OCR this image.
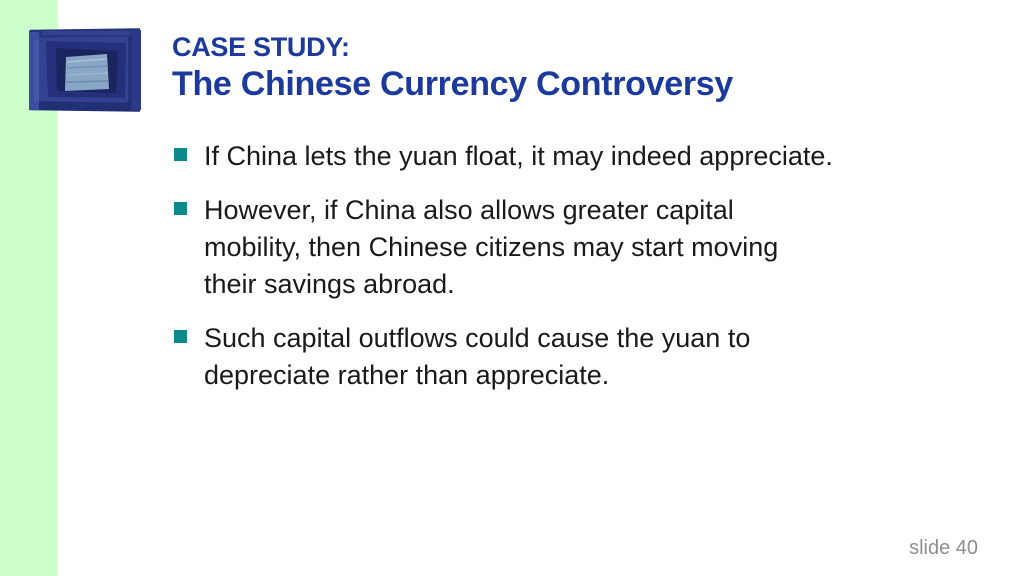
CASE STUDY:
The Chinese Currency Controversy
If China lets the yuan float, it may indeed appreciate.
However, if China also allows greater capital mobility, then Chinese citizens may start moving their savings abroad.
Such capital outflows could cause the yuan to depreciate rather than appreciate.
slide 40
